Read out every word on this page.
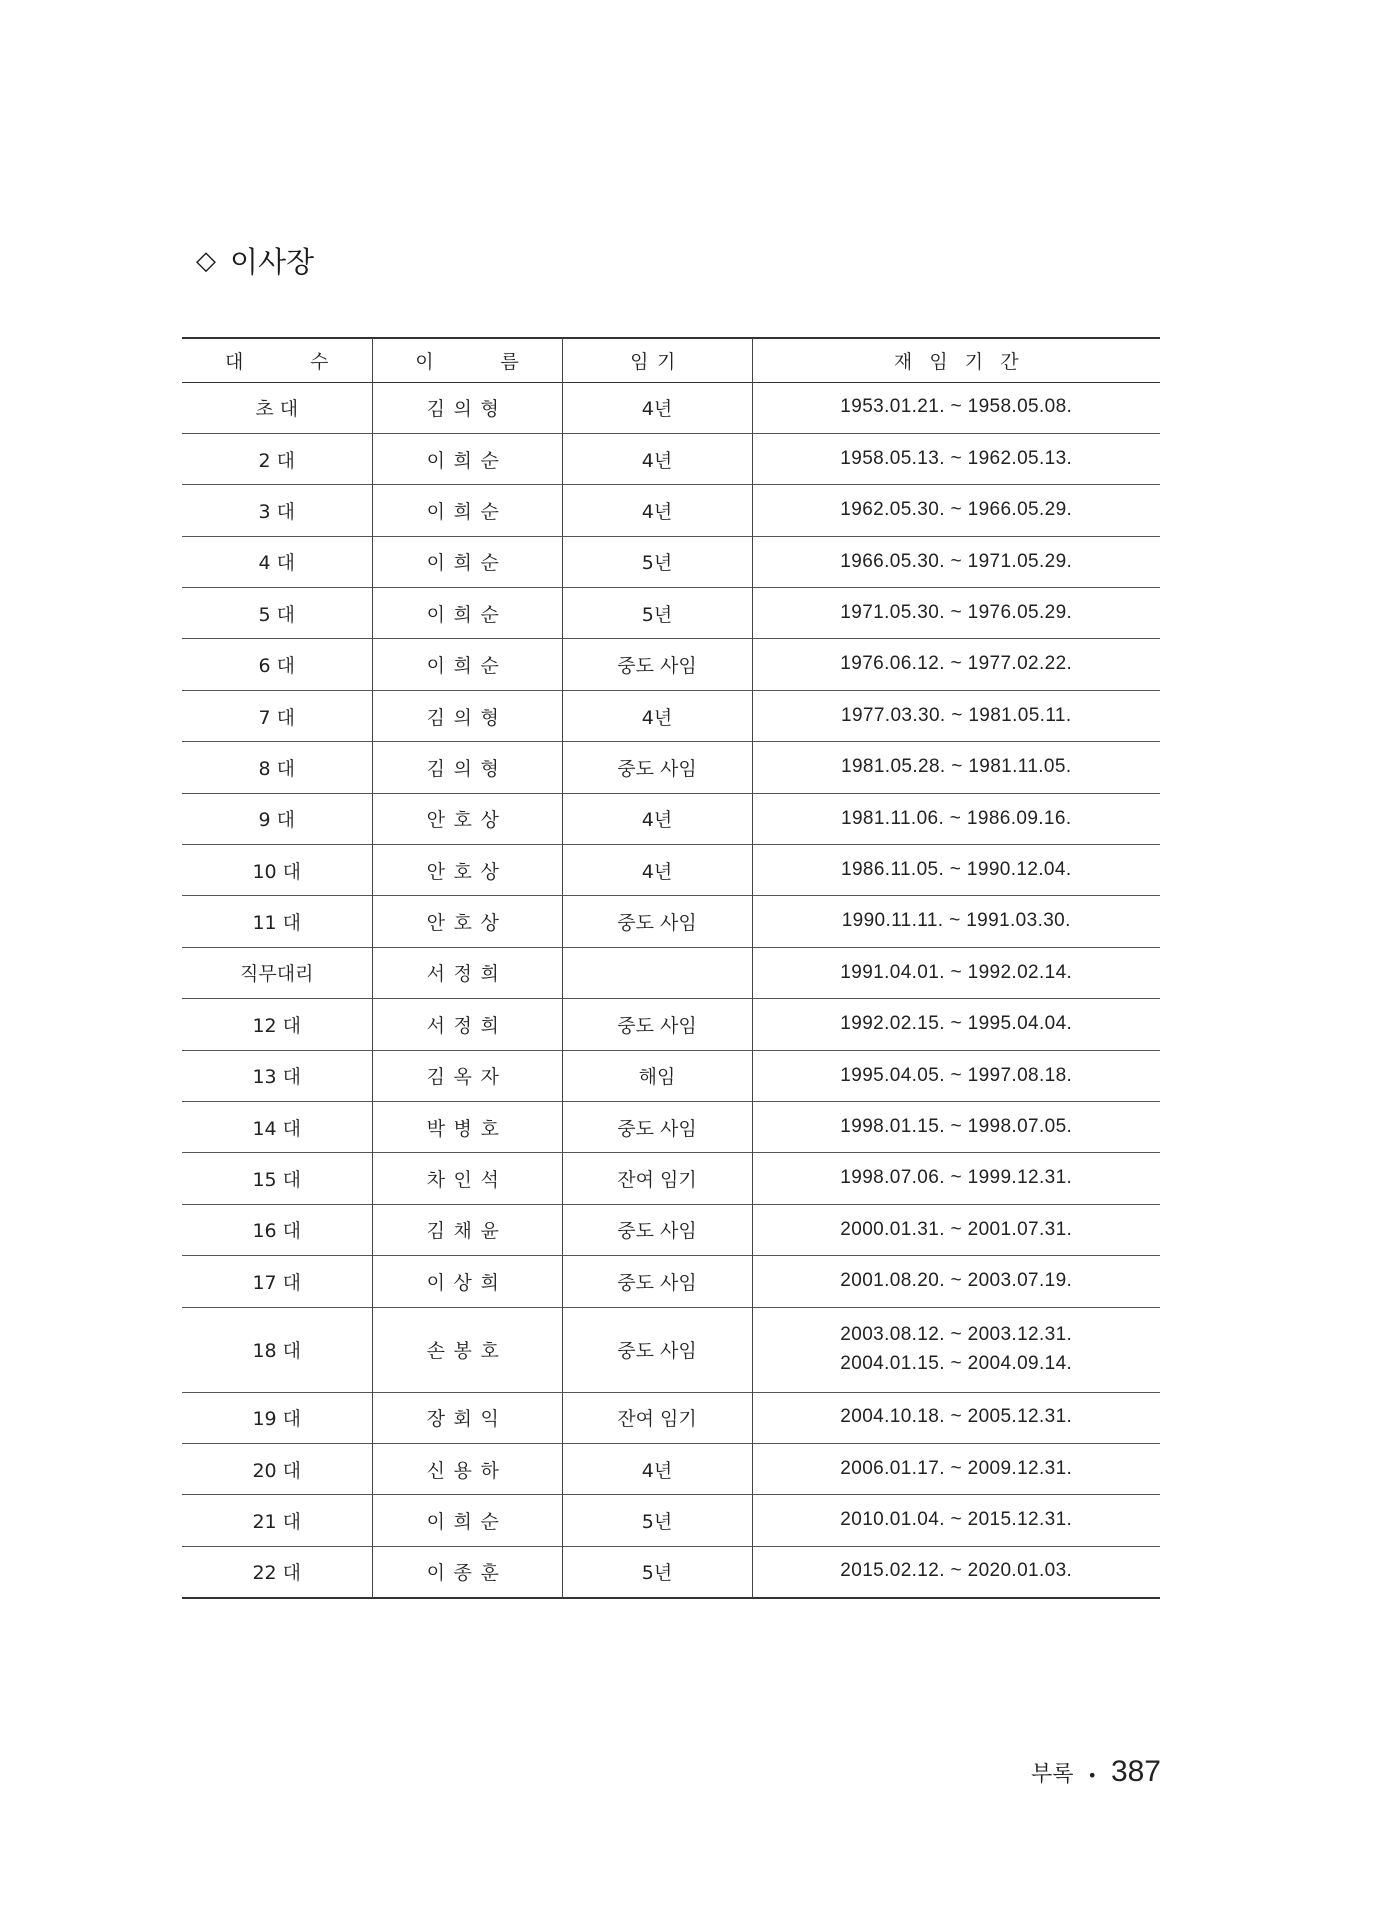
◇ 이사장
대 수	이 름	임기	재임기간
초 대	김의형	4년	1953.01.21. ~ 1958.05.08.

2 대	이희순	4년	1958.05.13. ~ 1962.05.13.

3 대	이희순	4년	1962.05.30. ~ 1966.05.29.

4 대	이희순	5년	1966.05.30. ~ 1971.05.29.

5 대	이희순	5년	1971.05.30. ~ 1976.05.29.

6 대	이희순	중도 사임	1976.06.12. ~ 1977.02.22.

7 대	김의형	4년	1977.03.30. ~ 1981.05.11.

8 대	김의형	중도 사임	1981.05.28. ~ 1981.11.05.

9 대	안호상	4년	1981.11.06. ~ 1986.09.16.

10 대	안호상	4년	1986.11.05. ~ 1990.12.04.

11 대	안호상	중도 사임	1990.11.11. ~ 1991.03.30.

직무대리	서정희		1991.04.01. ~ 1992.02.14.

12 대	서정희	중도 사임	1992.02.15. ~ 1995.04.04.

13 대	김옥자	해임	1995.04.05. ~ 1997.08.18.

14 대	박병호	중도 사임	1998.01.15. ~ 1998.07.05.

15 대	차인석	잔여 임기	1998.07.06. ~ 1999.12.31.

16 대	김채윤	중도 사임	2000.01.31. ~ 2001.07.31.

17 대	이상희	중도 사임	2001.08.20. ~ 2003.07.19.

18 대	손봉호	중도 사임	2003.08.12. ~ 2003.12.31.
2004.01.15. ~ 2004.09.14.

19 대	장회익	잔여 임기	2004.10.18. ~ 2005.12.31.

20 대	신용하	4년	2006.01.17. ~ 2009.12.31.

21 대	이희순	5년	2010.01.04. ~ 2015.12.31.

22 대	이종훈	5년	2015.02.12. ~ 2020.01.03.
부록 • 387
